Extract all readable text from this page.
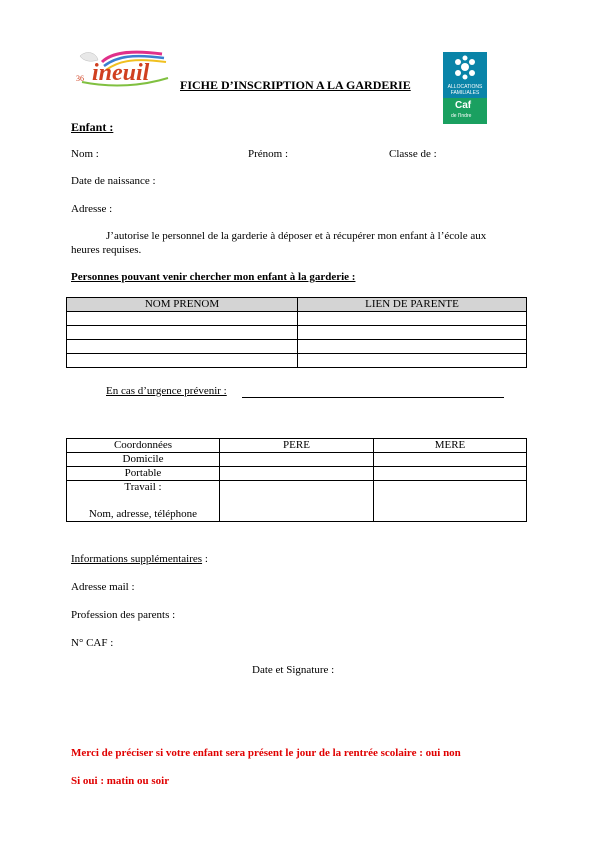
36 ineuil	FICHE D’INSCRIPTION A LA GARDERIE	ALLOCATIONS FAMILIALES
Caf
de l'Indre
Enfant :
Nom :	Prénom :	Classe de :
Date de naissance :
Adresse :
J’autorise le personnel de la garderie à déposer et à récupérer mon enfant à l’école aux
heures requises.
Personnes pouvant venir chercher mon enfant à la garderie :
NOM PRENOM	LIEN DE PARENTE

En cas d’urgence prévenir :
Coordonnées	PERE	MERE
Domicile		
Portable		

Travail :
Nom, adresse, téléphone		

Informations supplémentaires :
Adresse mail :
Profession des parents :
N° CAF :
Date et Signature :
Merci de préciser si votre enfant sera présent le jour de la rentrée scolaire : oui non
Si oui : matin ou soir
